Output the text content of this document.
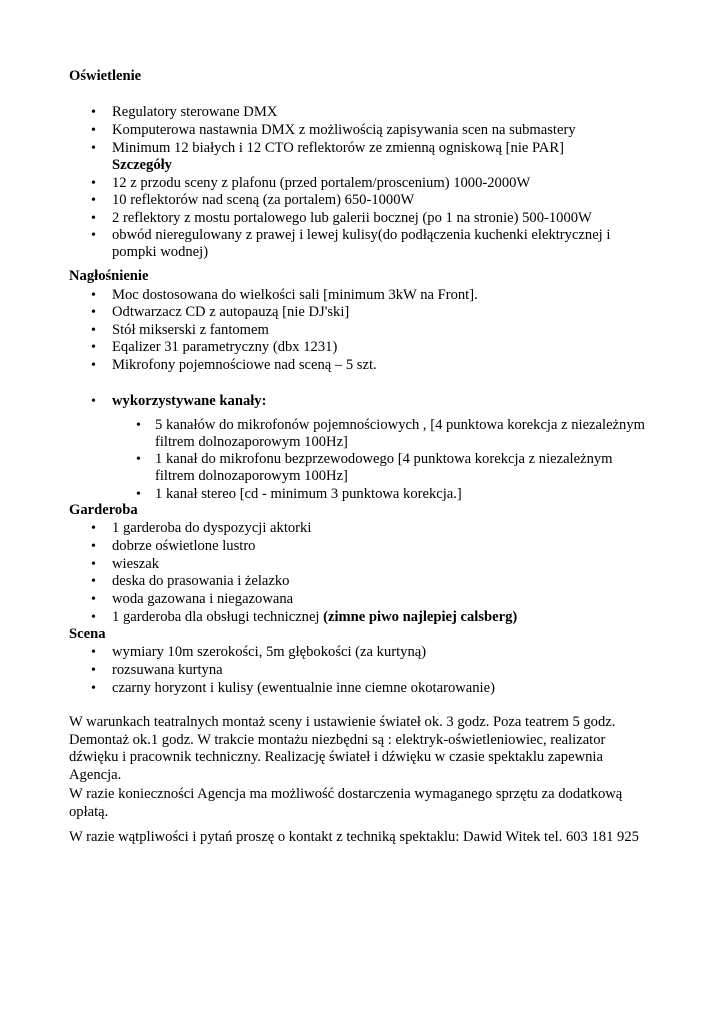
Oświetlenie
• Regulatory sterowane DMX
• Komputerowa nastawnia DMX z możliwością zapisywania scen na submastery
• Minimum 12 białych i 12 CTO reflektorów ze zmienną ogniskową [nie PAR]
Szczegóły
• 12 z przodu sceny z plafonu (przed portalem/proscenium) 1000-2000W
• 10 reflektorów nad sceną (za portalem) 650-1000W
• 2 reflektory z mostu portalowego lub galerii bocznej (po 1 na stronie) 500-1000W
• obwód nieregulowany z prawej i lewej kulisy(do podłączenia kuchenki elektrycznej i pompki wodnej)
Nagłośnienie
• Moc dostosowana do wielkości sali [minimum 3kW na Front].
• Odtwarzacz CD z autopauzą [nie DJ'ski]
• Stół mikserski z fantomem
• Eqalizer 31 parametryczny (dbx 1231)
• Mikrofony pojemnościowe nad sceną – 5 szt.
• wykorzystywane kanały:
• 5 kanałów do mikrofonów pojemnościowych , [4 punktowa korekcja z niezależnym filtrem dolnozaporowym 100Hz]
• 1 kanał do mikrofonu bezprzewodowego [4 punktowa korekcja z niezależnym filtrem dolnozaporowym 100Hz]
• 1 kanał stereo [cd - minimum 3 punktowa korekcja.]
Garderoba
• 1 garderoba do dyspozycji aktorki
• dobrze oświetlone lustro
• wieszak
• deska do prasowania i żelazko
• woda gazowana i niegazowana
• 1 garderoba dla obsługi technicznej (zimne piwo najlepiej calsberg)
Scena
• wymiary 10m szerokości, 5m głębokości (za kurtyną)
• rozsuwana kurtyna
• czarny horyzont i kulisy (ewentualnie inne ciemne okotarowanie)
W warunkach teatralnych montaż sceny i ustawienie świateł ok. 3 godz. Poza teatrem 5 godz. Demontaż ok.1 godz. W trakcie montażu niezbędni są : elektryk-oświetleniowiec, realizator dźwięku i pracownik techniczny. Realizację świateł i dźwięku w czasie spektaklu zapewnia Agencja.
W razie konieczności Agencja ma możliwość dostarczenia wymaganego sprzętu za dodatkową opłatą.
W razie wątpliwości i pytań proszę o kontakt z techniką spektaklu: Dawid Witek tel. 603 181 925
